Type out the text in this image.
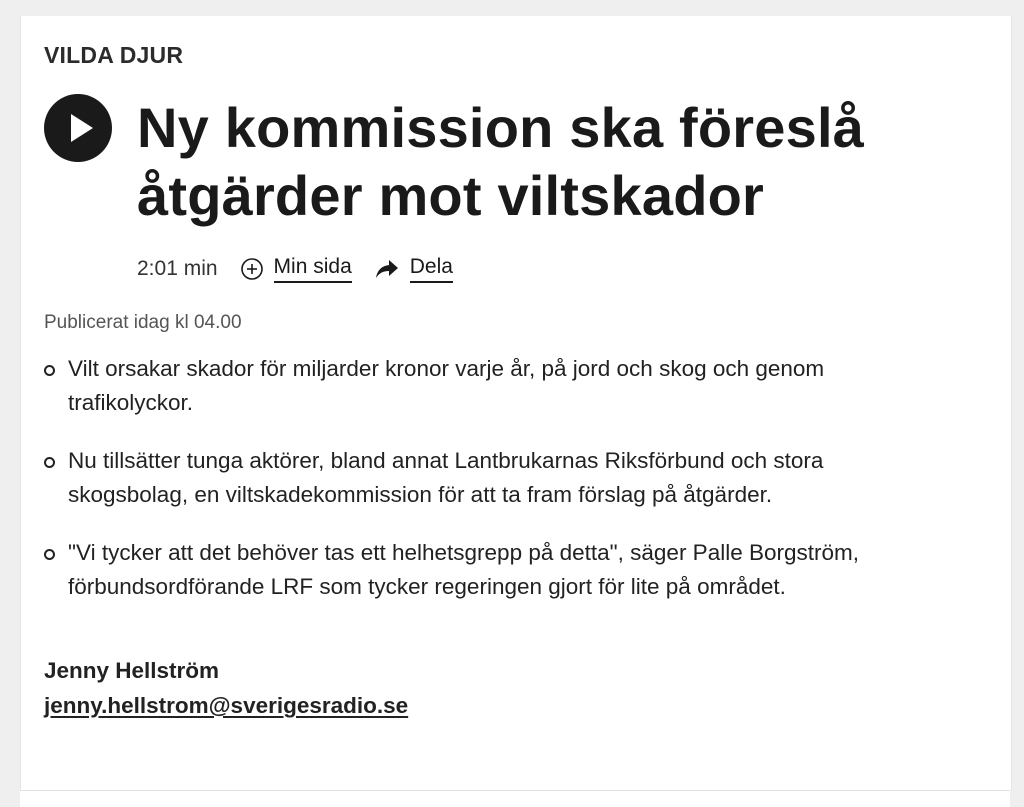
VILDA DJUR
Ny kommission ska föreslå
åtgärder mot viltskador
2:01 min	Min sida	Dela
Publicerat idag kl 04.00
Vilt orsakar skador för miljarder kronor varje år, på jord och skog och genom trafikolyckor.
Nu tillsätter tunga aktörer, bland annat Lantbrukarnas Riksförbund och stora skogsbolag, en viltskadekommission för att ta fram förslag på åtgärder.
"Vi tycker att det behöver tas ett helhetsgrepp på detta", säger Palle Borgström, förbundsordförande LRF som tycker regeringen gjort för lite på området.
Jenny Hellström
jenny.hellstrom@sverigesradio.se
